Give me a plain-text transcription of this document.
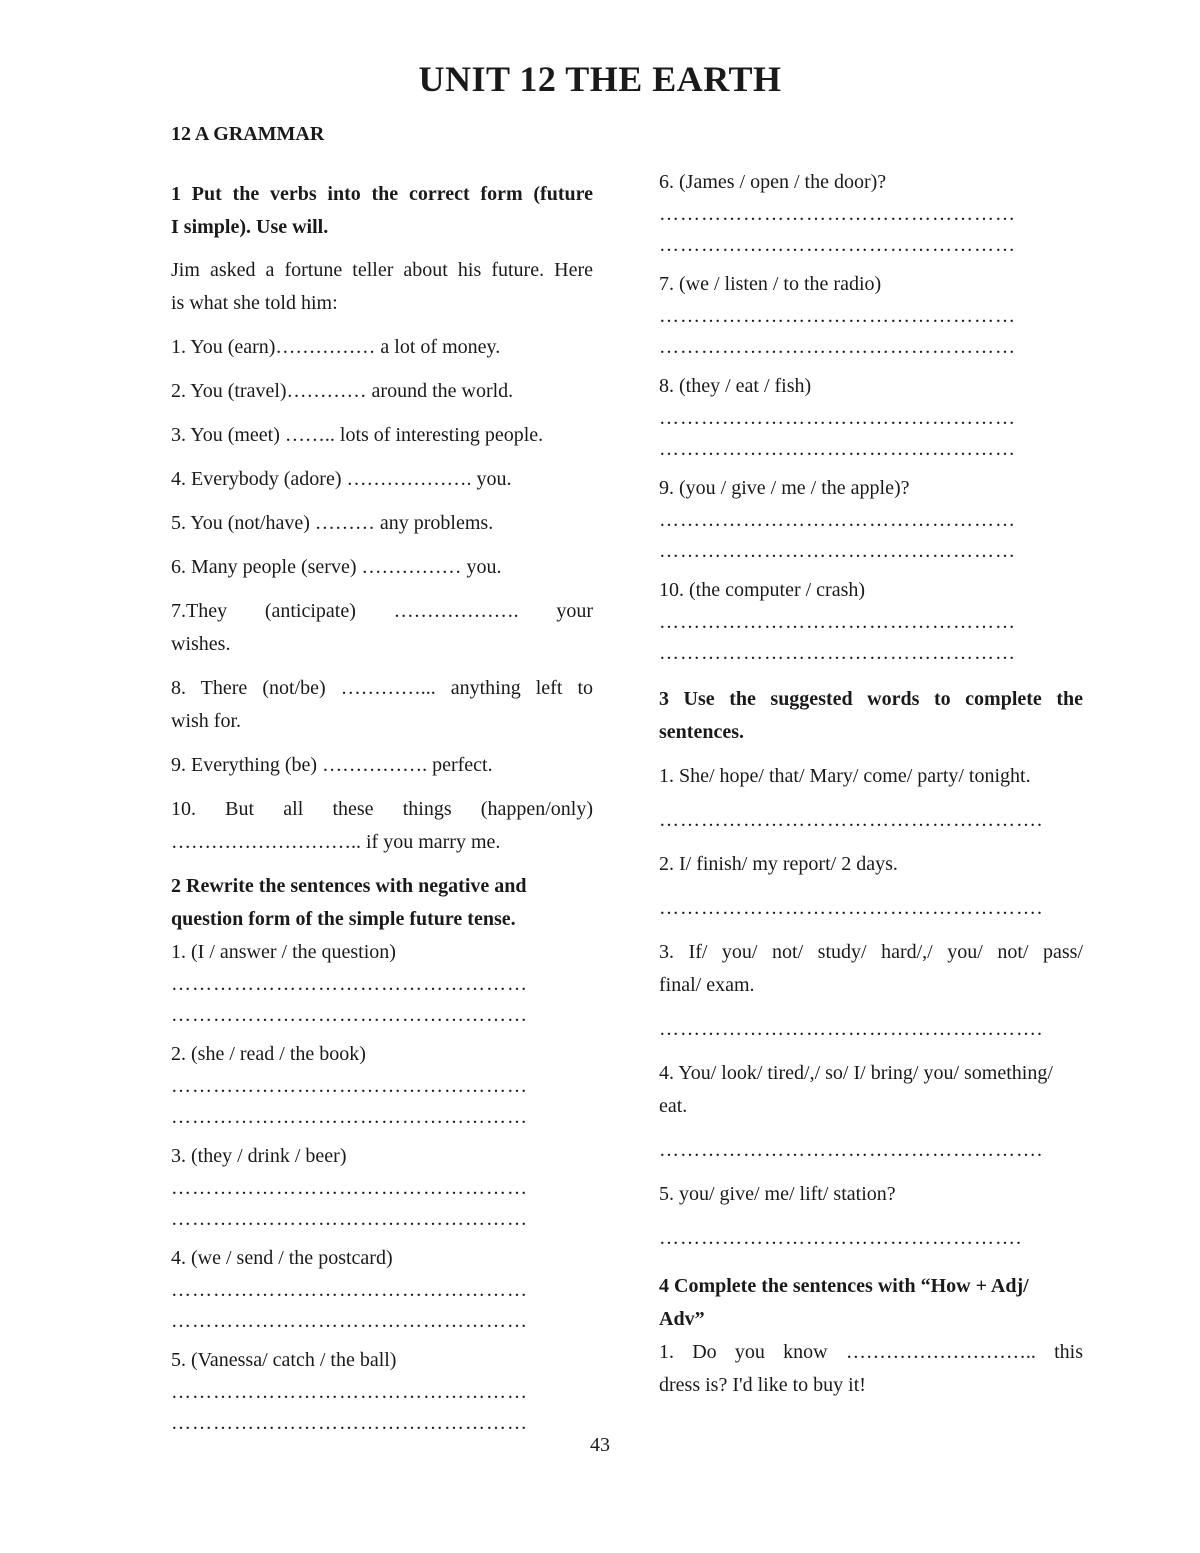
UNIT 12 THE EARTH

12 A GRAMMAR

1 Put the verbs into the correct form (future

I simple). Use will.

Jim asked a fortune teller about his future. Here

is what she told him:

1. You (earn)…………… a lot of money.

2. You (travel)………… around the world.

3. You (meet) …….. lots of interesting people.

4. Everybody (adore) ………………. you.

5. You (not/have) ……… any problems.

6. Many people (serve) …………… you.

7.They (anticipate) ………………. your

wishes.

8. There (not/be) …………... anything left to

wish for.

9. Everything (be) ……………. perfect.

10. But all these things (happen/only)

……………………….. if you marry me.

2 Rewrite the sentences with negative and

question form of the simple future tense.

1. (I / answer / the question)

……………………………………………

……………………………………………

2. (she / read / the book)

……………………………………………

……………………………………………

3. (they / drink / beer)

……………………………………………

……………………………………………

4. (we / send / the postcard)

……………………………………………

……………………………………………

5. (Vanessa/ catch / the ball)

……………………………………………

……………………………………………

6. (James / open / the door)?

……………………………………………

……………………………………………

7. (we / listen / to the radio)

……………………………………………

……………………………………………

8. (they / eat / fish)

……………………………………………

……………………………………………

9. (you / give / me / the apple)?

……………………………………………

……………………………………………

10. (the computer / crash)

……………………………………………

……………………………………………

3 Use the suggested words to complete the

sentences.

1. She/ hope/ that/ Mary/ come/ party/ tonight.

……………………………………………….

2. I/ finish/ my report/ 2 days.

……………………………………………….

3. If/ you/ not/ study/ hard/,/ you/ not/ pass/

final/ exam.

……………………………………………….

4. You/ look/ tired/,/ so/ I/ bring/ you/ something/

eat.

……………………………………………….

5. you/ give/ me/ lift/ station?

…………………………………………….

4 Complete the sentences with “How + Adj/

Adv”

1. Do you know ……………………….. this

dress is? I'd like to buy it!

43
